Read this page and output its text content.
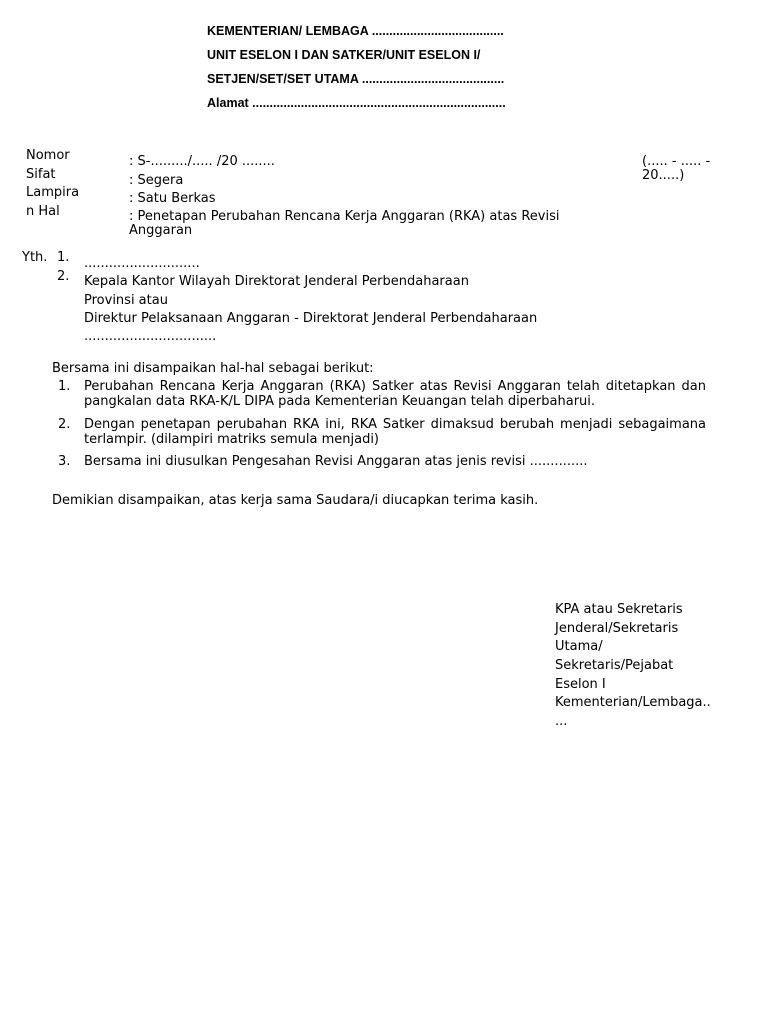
KEMENTERIAN/ LEMBAGA ......................................
UNIT ESELON I DAN SATKER/UNIT ESELON I/
SETJEN/SET/SET UTAMA .........................................
Alamat .........................................................................
Nomor
Sifat
Lampira
n Hal
: S-........./..... /20 ........
: Segera
: Satu Berkas
: Penetapan Perubahan Rencana Kerja Anggaran (RKA) atas Revisi
Anggaran
(..... - ..... -
20.....)
Yth. 1.
2.
............................
Kepala Kantor Wilayah Direktorat Jenderal Perbendaharaan
Provinsi atau
Direktur Pelaksanaan Anggaran - Direktorat Jenderal Perbendaharaan
................................
Bersama ini disampaikan hal-hal sebagai berikut:
1. Perubahan Rencana Kerja Anggaran (RKA) Satker atas Revisi Anggaran telah ditetapkan dan pangkalan data RKA-K/L DIPA pada Kementerian Keuangan telah diperbaharui.
2. Dengan penetapan perubahan RKA ini, RKA Satker dimaksud berubah menjadi sebagaimana terlampir. (dilampiri matriks semula menjadi)
3. Bersama ini diusulkan Pengesahan Revisi Anggaran atas jenis revisi ..............
Demikian disampaikan, atas kerja sama Saudara/i diucapkan terima kasih.
KPA atau Sekretaris
Jenderal/Sekretaris
Utama/
Sekretaris/Pejabat
Eselon I
Kementerian/Lembaga..
...
